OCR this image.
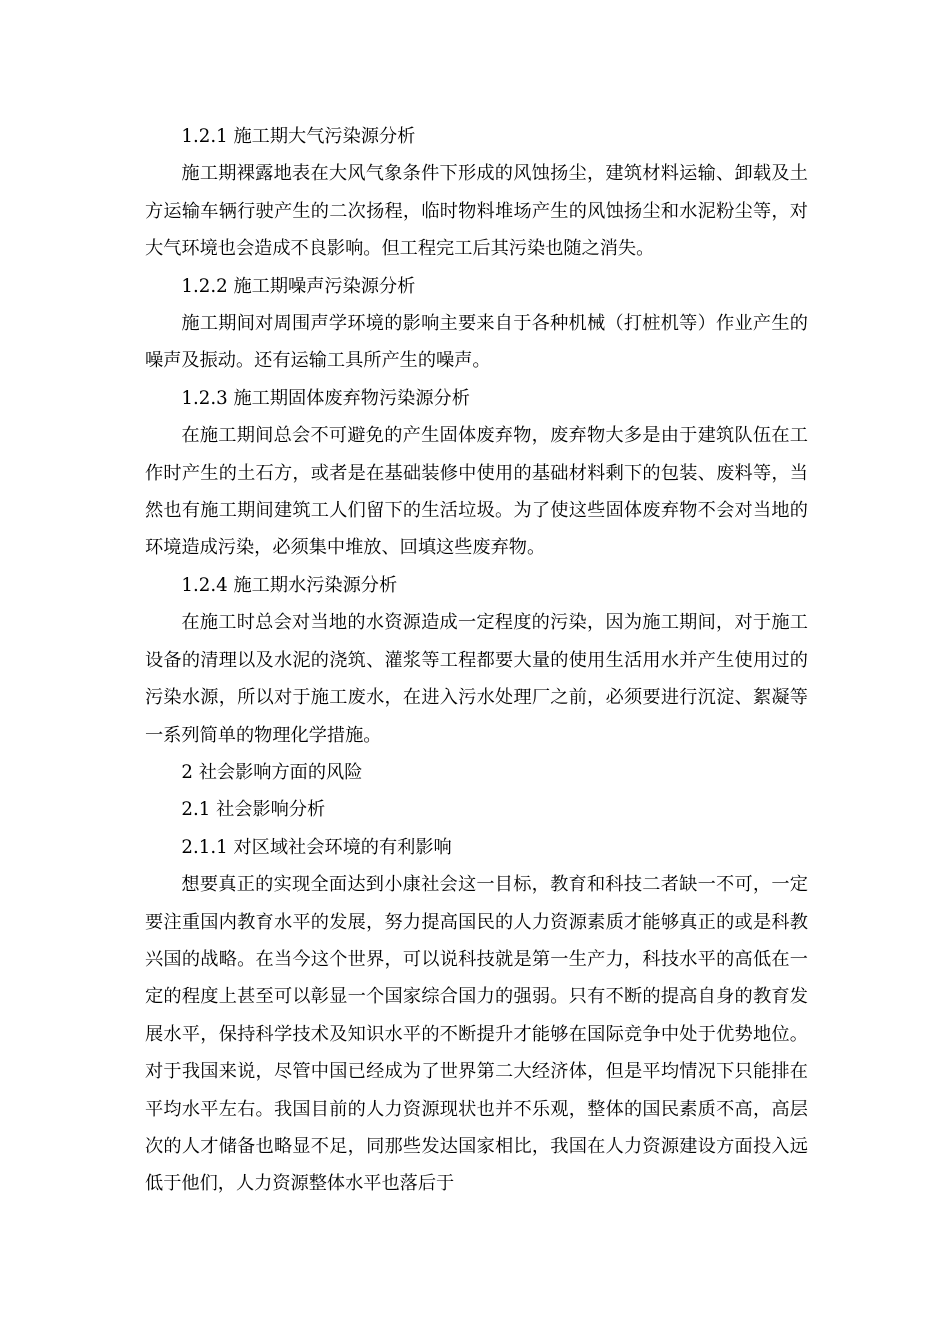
1.2.1 施工期大气污染源分析

施工期裸露地表在大风气象条件下形成的风蚀扬尘，建筑材料运输、卸载及土方运输车辆行驶产生的二次扬程，临时物料堆场产生的风蚀扬尘和水泥粉尘等，对大气环境也会造成不良影响。但工程完工后其污染也随之消失。

1.2.2 施工期噪声污染源分析

施工期间对周围声学环境的影响主要来自于各种机械（打桩机等）作业产生的噪声及振动。还有运输工具所产生的噪声。

1.2.3 施工期固体废弃物污染源分析

在施工期间总会不可避免的产生固体废弃物，废弃物大多是由于建筑队伍在工作时产生的土石方，或者是在基础装修中使用的基础材料剩下的包装、废料等，当然也有施工期间建筑工人们留下的生活垃圾。为了使这些固体废弃物不会对当地的环境造成污染，必须集中堆放、回填这些废弃物。

1.2.4 施工期水污染源分析

在施工时总会对当地的水资源造成一定程度的污染，因为施工期间，对于施工设备的清理以及水泥的浇筑、灌浆等工程都要大量的使用生活用水并产生使用过的污染水源，所以对于施工废水，在进入污水处理厂之前，必须要进行沉淀、絮凝等一系列简单的物理化学措施。

2 社会影响方面的风险

2.1 社会影响分析

2.1.1 对区域社会环境的有利影响

想要真正的实现全面达到小康社会这一目标，教育和科技二者缺一不可，一定要注重国内教育水平的发展，努力提高国民的人力资源素质才能够真正的或是科教兴国的战略。在当今这个世界，可以说科技就是第一生产力，科技水平的高低在一定的程度上甚至可以彰显一个国家综合国力的强弱。只有不断的提高自身的教育发展水平，保持科学技术及知识水平的不断提升才能够在国际竞争中处于优势地位。对于我国来说，尽管中国已经成为了世界第二大经济体，但是平均情况下只能排在平均水平左右。我国目前的人力资源现状也并不乐观，整体的国民素质不高，高层次的人才储备也略显不足，同那些发达国家相比，我国在人力资源建设方面投入远低于他们，人力资源整体水平也落后于
